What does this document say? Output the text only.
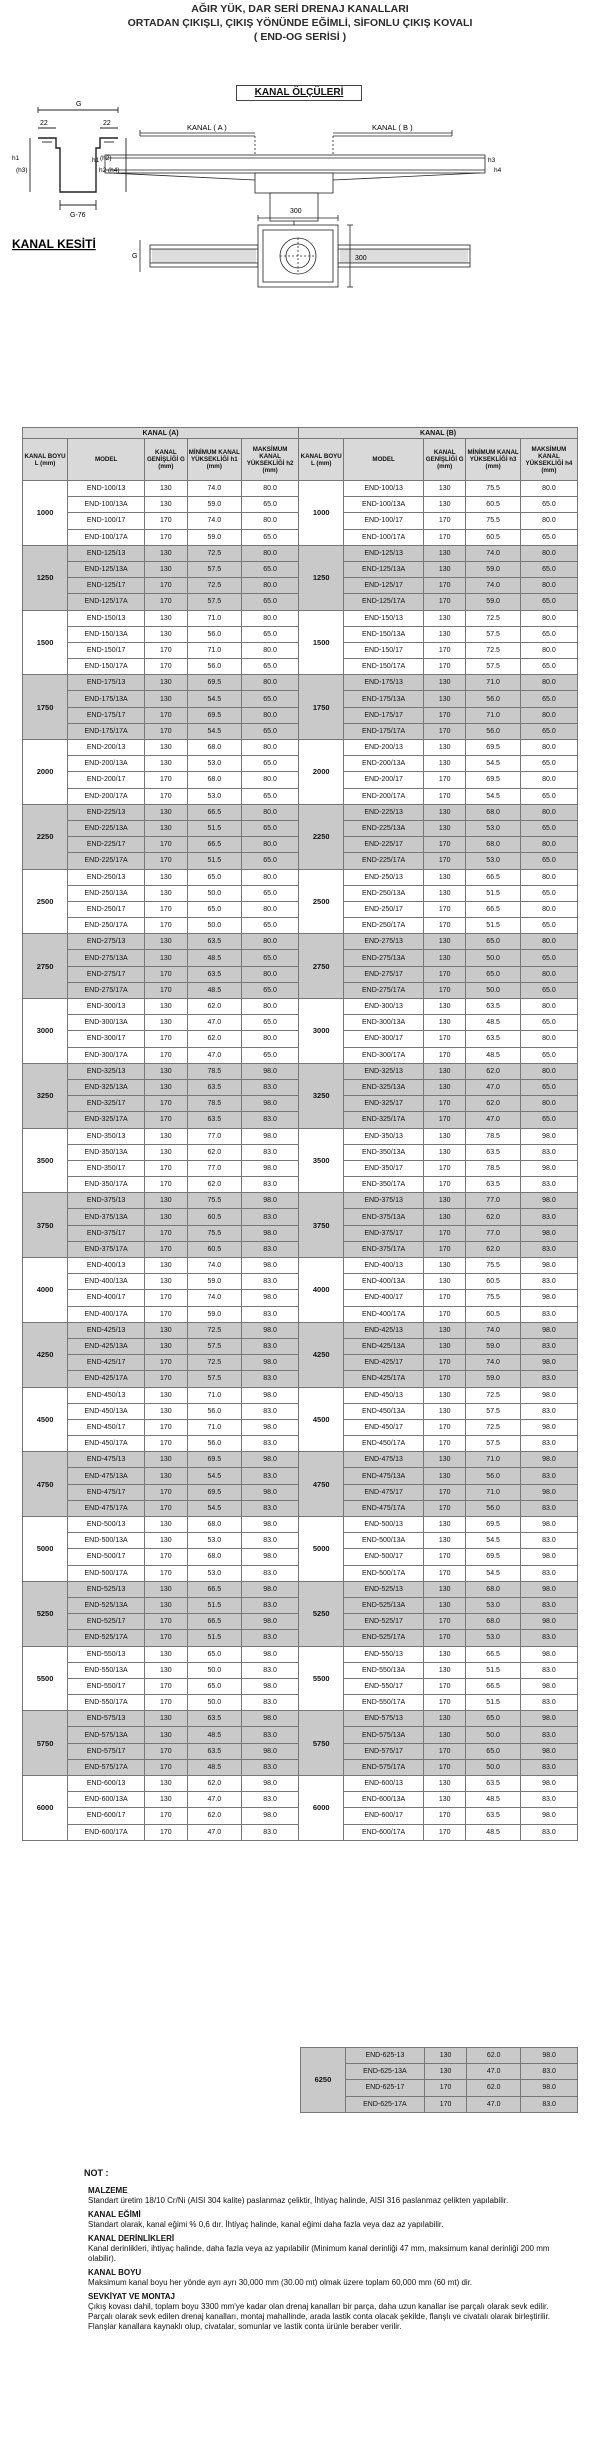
AĞIR YÜK, DAR SERİ DRENAJ KANALLARI
ORTADAN ÇIKIŞLI, ÇIKIŞ YÖNÜNDE EĞİMLİ, SİFONLU ÇIKIŞ KOVALI
( END-OG SERİSİ )
KANAL ÖLÇÜLERİ
KANAL ( A )	KANAL ( B )
h1
h2
h3
h4
G
22	22
G-76
h1
(h3)
(h2)
(h4)
KANAL KESİTİ
300
300
G
KANAL (A)					KANAL (B)				
KANAL BOYU L (mm)	MODEL	KANAL GENİŞLİĞİ G (mm)	MİNİMUM KANAL YÜKSEKLİĞİ h1 (mm)	MAKSİMUM KANAL YÜKSEKLİĞİ h2 (mm)	KANAL BOYU L (mm)	MODEL	KANAL GENİŞLİĞİ G (mm)	MİNİMUM KANAL YÜKSEKLİĞİ h3 (mm)	MAKSİMUM KANAL YÜKSEKLİĞİ h4 (mm)
1000	END-100/13	130	74.0	80.0	1000	END-100/13	130	75.5	80.0
	END-100/13A	130	59.0	65.0		END-100/13A	130	60.5	65.0
	END-100/17	170	74.0	80.0		END-100/17	170	75.5	80.0
	END-100/17A	170	59.0	65.0		END-100/17A	170	60.5	65.0
1250	END-125/13	130	72.5	80.0	1250	END-125/13	130	74.0	80.0
	END-125/13A	130	57.5	65.0		END-125/13A	130	59.0	65.0
	END-125/17	170	72.5	80.0		END-125/17	170	74.0	80.0
	END-125/17A	170	57.5	65.0		END-125/17A	170	59.0	65.0
1500	END-150/13	130	71.0	80.0	1500	END-150/13	130	72.5	80.0
	END-150/13A	130	56.0	65.0		END-150/13A	130	57.5	65.0
	END-150/17	170	71.0	80.0		END-150/17	170	72.5	80.0
	END-150/17A	170	56.0	65.0		END-150/17A	170	57.5	65.0
1750	END-175/13	130	69.5	80.0	1750	END-175/13	130	71.0	80.0
	END-175/13A	130	54.5	65.0		END-175/13A	130	56.0	65.0
	END-175/17	170	69.5	80.0		END-175/17	170	71.0	80.0
	END-175/17A	170	54.5	65.0		END-175/17A	170	56.0	65.0
2000	END-200/13	130	68.0	80.0	2000	END-200/13	130	69.5	80.0
	END-200/13A	130	53.0	65.0		END-200/13A	130	54.5	65.0
	END-200/17	170	68.0	80.0		END-200/17	170	69.5	80.0
	END-200/17A	170	53.0	65.0		END-200/17A	170	54.5	65.0
2250	END-225/13	130	66.5	80.0	2250	END-225/13	130	68.0	80.0
	END-225/13A	130	51.5	65.0		END-225/13A	130	53.0	65.0
	END-225/17	170	66.5	80.0		END-225/17	170	68.0	80.0
	END-225/17A	170	51.5	65.0		END-225/17A	170	53.0	65.0
2500	END-250/13	130	65.0	80.0	2500	END-250/13	130	66.5	80.0
	END-250/13A	130	50.0	65.0		END-250/13A	130	51.5	65.0
	END-250/17	170	65.0	80.0		END-250/17	170	66.5	80.0
	END-250/17A	170	50.0	65.0		END-250/17A	170	51.5	65.0
2750	END-275/13	130	63.5	80.0	2750	END-275/13	130	65.0	80.0
	END-275/13A	130	48.5	65.0		END-275/13A	130	50.0	65.0
	END-275/17	170	63.5	80.0		END-275/17	170	65.0	80.0
	END-275/17A	170	48.5	65.0		END-275/17A	170	50.0	65.0
3000	END-300/13	130	62.0	80.0	3000	END-300/13	130	63.5	80.0
	END-300/13A	130	47.0	65.0		END-300/13A	130	48.5	65.0
	END-300/17	170	62.0	80.0		END-300/17	170	63.5	80.0
	END-300/17A	170	47.0	65.0		END-300/17A	170	48.5	65.0
3250	END-325/13	130	78.5	98.0	3250	END-325/13	130	62.0	80.0
	END-325/13A	130	63.5	83.0		END-325/13A	130	47.0	65.0
	END-325/17	170	78.5	98.0		END-325/17	170	62.0	80.0
	END-325/17A	170	63.5	83.0		END-325/17A	170	47.0	65.0
3500	END-350/13	130	77.0	98.0	3500	END-350/13	130	78.5	98.0
	END-350/13A	130	62.0	83.0		END-350/13A	130	63.5	83.0
	END-350/17	170	77.0	98.0		END-350/17	170	78.5	98.0
	END-350/17A	170	62.0	83.0		END-350/17A	170	63.5	83.0
3750	END-375/13	130	75.5	98.0	3750	END-375/13	130	77.0	98.0
	END-375/13A	130	60.5	83.0		END-375/13A	130	62.0	83.0
	END-375/17	170	75.5	98.0		END-375/17	170	77.0	98.0
	END-375/17A	170	60.5	83.0		END-375/17A	170	62.0	83.0
4000	END-400/13	130	74.0	98.0	4000	END-400/13	130	75.5	98.0
	END-400/13A	130	59.0	83.0		END-400/13A	130	60.5	83.0
	END-400/17	170	74.0	98.0		END-400/17	170	75.5	98.0
	END-400/17A	170	59.0	83.0		END-400/17A	170	60.5	83.0
4250	END-425/13	130	72.5	98.0	4250	END-425/13	130	74.0	98.0
	END-425/13A	130	57.5	83.0		END-425/13A	130	59.0	83.0
	END-425/17	170	72.5	98.0		END-425/17	170	74.0	98.0
	END-425/17A	170	57.5	83.0		END-425/17A	170	59.0	83.0
4500	END-450/13	130	71.0	98.0	4500	END-450/13	130	72.5	98.0
	END-450/13A	130	56.0	83.0		END-450/13A	130	57.5	83.0
	END-450/17	170	71.0	98.0		END-450/17	170	72.5	98.0
	END-450/17A	170	56.0	83.0		END-450/17A	170	57.5	83.0
4750	END-475/13	130	69.5	98.0	4750	END-475/13	130	71.0	98.0
	END-475/13A	130	54.5	83.0		END-475/13A	130	56.0	83.0
	END-475/17	170	69.5	98.0		END-475/17	170	71.0	98.0
	END-475/17A	170	54.5	83.0		END-475/17A	170	56.0	83.0
5000	END-500/13	130	68.0	98.0	5000	END-500/13	130	69.5	98.0
	END-500/13A	130	53.0	83.0		END-500/13A	130	54.5	83.0
	END-500/17	170	68.0	98.0		END-500/17	170	69.5	98.0
	END-500/17A	170	53.0	83.0		END-500/17A	170	54.5	83.0
5250	END-525/13	130	66.5	98.0	5250	END-525/13	130	68.0	98.0
	END-525/13A	130	51.5	83.0		END-525/13A	130	53.0	83.0
	END-525/17	170	66.5	98.0		END-525/17	170	68.0	98.0
	END-525/17A	170	51.5	83.0		END-525/17A	170	53.0	83.0
5500	END-550/13	130	65.0	98.0	5500	END-550/13	130	66.5	98.0
	END-550/13A	130	50.0	83.0		END-550/13A	130	51.5	83.0
	END-550/17	170	65.0	98.0		END-550/17	170	66.5	98.0
	END-550/17A	170	50.0	83.0		END-550/17A	170	51.5	83.0
5750	END-575/13	130	63.5	98.0	5750	END-575/13	130	65.0	98.0
	END-575/13A	130	48.5	83.0		END-575/13A	130	50.0	83.0
	END-575/17	170	63.5	98.0		END-575/17	170	65.0	98.0
	END-575/17A	170	48.5	83.0		END-575/17A	170	50.0	83.0
6000	END-600/13	130	62.0	98.0	6000	END-600/13	130	63.5	98.0
	END-600/13A	130	47.0	83.0		END-600/13A	130	48.5	83.0
	END-600/17	170	62.0	98.0		END-600/17	170	63.5	98.0
	END-600/17A	170	47.0	83.0		END-600/17A	170	48.5	83.0
6250	END-625-13	130	62.0	98.0
	END-625-13A	130	47.0	83.0
	END-625-17	170	62.0	98.0
	END-625-17A	170	47.0	83.0
NOT :
MALZEME
Standart üretim 18/10 Cr/Ni (AISI 304 kalite) paslanmaz çeliktir, İhtiyaç halinde, AISI 316 paslanmaz çelikten yapılabilir.
KANAL EĞİMİ
Standart olarak, kanal eğimi % 0,6 dır. İhtiyaç halinde, kanal eğimi daha fazla veya daz az yapılabilir.
KANAL DERİNLİKLERİ
Kanal derinlikleri, ihtiyaç halinde, daha fazla veya az yapılabilir (Minimum kanal derinliği 47 mm, maksimum kanal derinliği 200 mm olabilir).
KANAL BOYU
Maksimum kanal boyu her yönde ayrı ayrı 30,000 mm (30.00 mt) olmak üzere toplam 60,000 mm (60 mt) dir.
SEVKİYAT VE MONTAJ
Çıkış kovası dahil, toplam boyu 3300 mm'ye kadar olan drenaj kanalları bir parça, daha uzun kanallar ise parçalı olarak sevk edilir. Parçalı olarak sevk edilen drenaj kanalları, montaj mahallinde, arada lastik conta olacak şekilde, flanşlı ve civatalı olarak birleştirilir. Flanşlar kanallara kaynaklı olup, civatalar, somunlar ve lastik conta ürünle beraber verilir.
